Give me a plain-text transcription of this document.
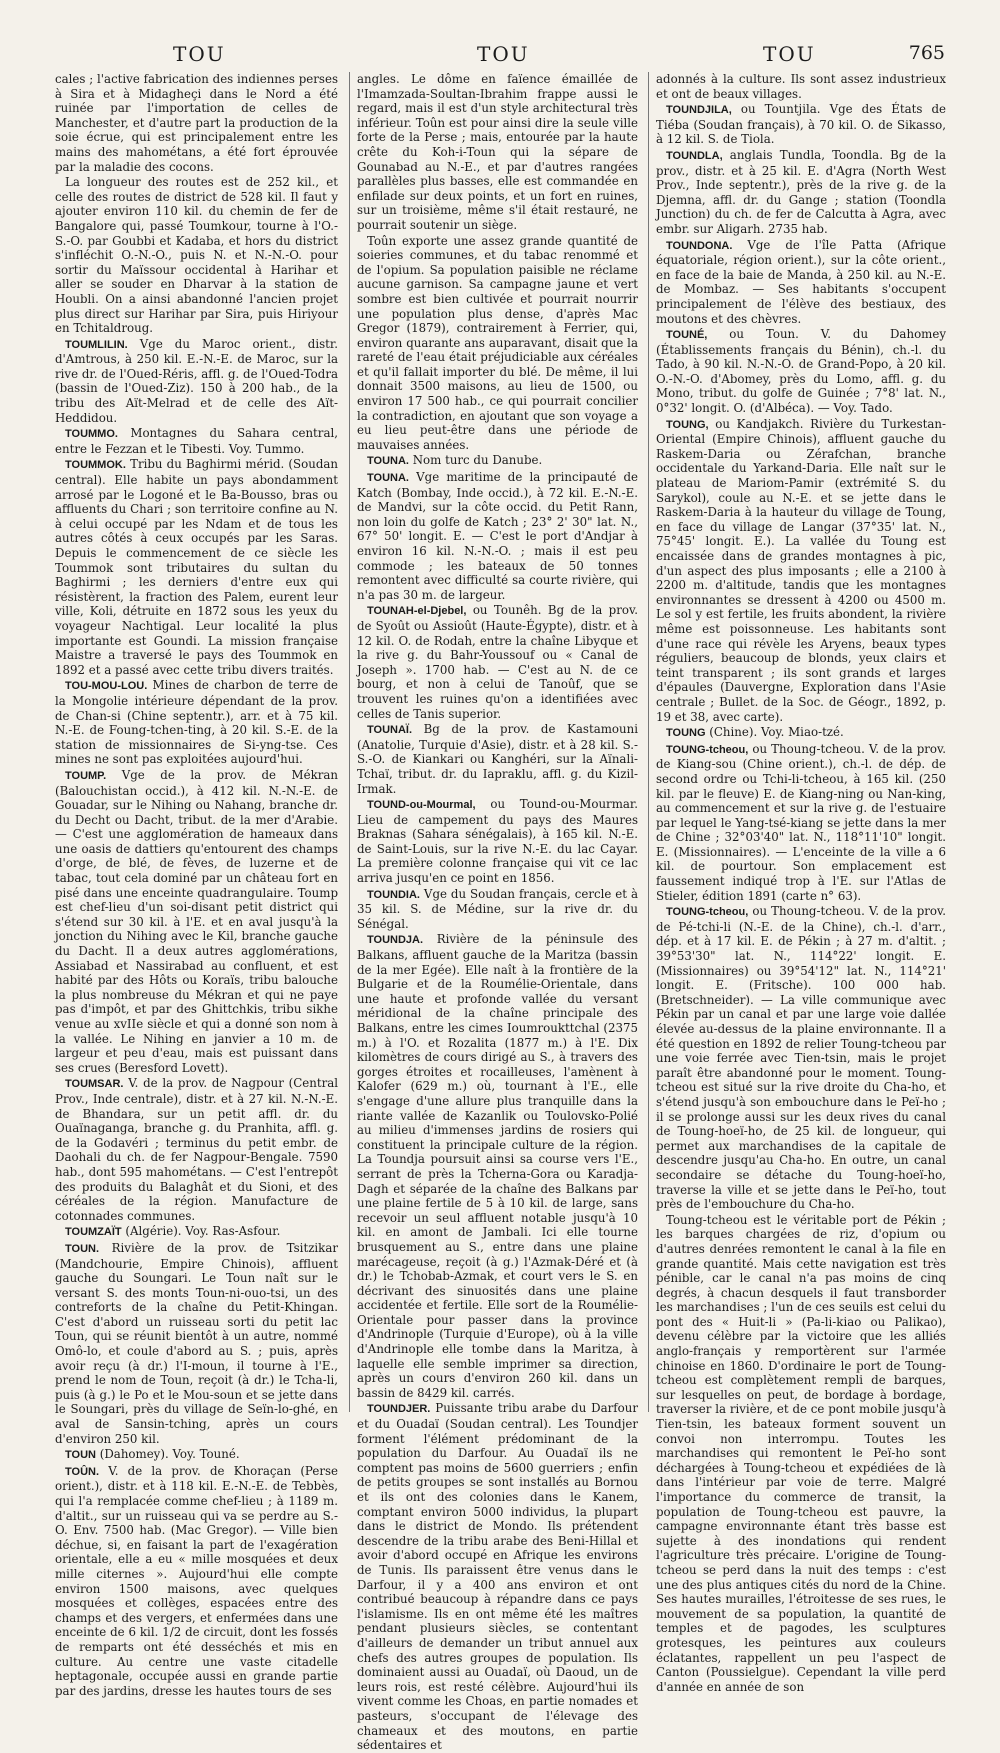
TOU	TOU	TOU	765

cales ; l'active fabrication des indiennes perses à Sira et à Midagheçi dans le Nord a été ruinée par l'importation de celles de Manchester, et d'autre part la production de la soie écrue, qui est principalement entre les mains des mahométans, a été fort éprouvée par la maladie des cocons.

La longueur des routes est de 252 kil., et celle des routes de district de 528 kil. Il faut y ajouter environ 110 kil. du chemin de fer de Bangalore qui, passé Toumkour, tourne à l'O.-S.-O. par Goubbi et Kadaba, et hors du district s'infléchit O.-N.-O., puis N. et N.-N.-O. pour sortir du Maïssour occidental à Harihar et aller se souder en Dharvar à la station de Houbli. On a ainsi abandonné l'ancien projet plus direct sur Harihar par Sira, puis Hiriyour en Tchitaldroug.

TOUMLILIN. Vge du Maroc orient., distr. d'Amtrous, à 250 kil. E.-N.-E. de Maroc, sur la rive dr. de l'Oued-Réris, affl. g. de l'Oued-Todra (bassin de l'Oued-Ziz). 150 à 200 hab., de la tribu des Aït-Melrad et de celle des Aït-Heddidou.

TOUMMO. Montagnes du Sahara central, entre le Fezzan et le Tibesti. Voy. Tummo.

TOUMMOK. Tribu du Baghirmi mérid. (Soudan central). Elle habite un pays abondamment arrosé par le Logoné et le Ba-Bousso, bras ou affluents du Chari ; son territoire confine au N. à celui occupé par les Ndam et de tous les autres côtés à ceux occupés par les Saras. Depuis le commencement de ce siècle les Toummok sont tributaires du sultan du Baghirmi ; les derniers d'entre eux qui résistèrent, la fraction des Palem, eurent leur ville, Koli, détruite en 1872 sous les yeux du voyageur Nachtigal. Leur localité la plus importante est Goundi. La mission française Maistre a traversé le pays des Toummok en 1892 et a passé avec cette tribu divers traités.

TOU-MOU-LOU. Mines de charbon de terre de la Mongolie intérieure dépendant de la prov. de Chan-si (Chine septentr.), arr. et à 75 kil. N.-E. de Foung-tchen-ting, à 20 kil. S.-E. de la station de missionnaires de Si-yng-tse. Ces mines ne sont pas exploitées aujourd'hui.

TOUMP. Vge de la prov. de Mékran (Balouchistan occid.), à 412 kil. N.-N.-E. de Gouadar, sur le Nihing ou Nahang, branche dr. du Decht ou Dacht, tribut. de la mer d'Arabie. — C'est une agglomération de hameaux dans une oasis de dattiers qu'entourent des champs d'orge, de blé, de fèves, de luzerne et de tabac, tout cela dominé par un château fort en pisé dans une enceinte quadrangulaire. Toump est chef-lieu d'un soi-disant petit district qui s'étend sur 30 kil. à l'E. et en aval jusqu'à la jonction du Nihing avec le Kil, branche gauche du Dacht. Il a deux autres agglomérations, Assiabad et Nassirabad au confluent, et est habité par des Hôts ou Koraïs, tribu balouche la plus nombreuse du Mékran et qui ne paye pas d'impôt, et par des Ghittchkis, tribu sikhe venue au xvIIe siècle et qui a donné son nom à la vallée. Le Nihing en janvier a 10 m. de largeur et peu d'eau, mais est puissant dans ses crues (Beresford Lovett).

TOUMSAR. V. de la prov. de Nagpour (Central Prov., Inde centrale), distr. et à 27 kil. N.-N.-E. de Bhandara, sur un petit affl. dr. du Ouaïnaganga, branche g. du Pranhita, affl. g. de la Godavéri ; terminus du petit embr. de Daohali du ch. de fer Nagpour-Bengale. 7590 hab., dont 595 mahométans. — C'est l'entrepôt des produits du Balaghât et du Sioni, et des céréales de la région. Manufacture de cotonnades communes.

TOUMZAÏT (Algérie). Voy. Ras-Asfour.

TOUN. Rivière de la prov. de Tsitzikar (Mandchourie, Empire Chinois), affluent gauche du Soungari. Le Toun naît sur le versant S. des monts Toun-ni-ouo-tsi, un des contreforts de la chaîne du Petit-Khingan. C'est d'abord un ruisseau sorti du petit lac Toun, qui se réunit bientôt à un autre, nommé Omô-lo, et coule d'abord au S. ; puis, après avoir reçu (à dr.) l'I-moun, il tourne à l'E., prend le nom de Toun, reçoit (à dr.) le Tcha-li, puis (à g.) le Po et le Mou-soun et se jette dans le Soungari, près du village de Seïn-lo-ghé, en aval de Sansin-tching, après un cours d'environ 250 kil.

TOUN (Dahomey). Voy. Touné.

TOÛN. V. de la prov. de Khoraçan (Perse orient.), distr. et à 118 kil. E.-N.-E. de Tebbès, qui l'a remplacée comme chef-lieu ; à 1189 m. d'altit., sur un ruisseau qui va se perdre au S.-O. Env. 7500 hab. (Mac Gregor). — Ville bien déchue, si, en faisant la part de l'exagération orientale, elle a eu « mille mosquées et deux mille citernes ». Aujourd'hui elle compte environ 1500 maisons, avec quelques mosquées et collèges, espacées entre des champs et des vergers, et enfermées dans une enceinte de 6 kil. 1/2 de circuit, dont les fossés de remparts ont été desséchés et mis en culture. Au centre une vaste citadelle heptagonale, occupée aussi en grande partie par des jardins, dresse les hautes tours de ses

angles. Le dôme en faïence émaillée de l'Imamzada-Soultan-Ibrahim frappe aussi le regard, mais il est d'un style architectural très inférieur. Toûn est pour ainsi dire la seule ville forte de la Perse ; mais, entourée par la haute crête du Koh-i-Toun qui la sépare de Gounabad au N.-E., et par d'autres rangées parallèles plus basses, elle est commandée en enfilade sur deux points, et un fort en ruines, sur un troisième, même s'il était restauré, ne pourrait soutenir un siège.

Toûn exporte une assez grande quantité de soieries communes, et du tabac renommé et de l'opium. Sa population paisible ne réclame aucune garnison. Sa campagne jaune et vert sombre est bien cultivée et pourrait nourrir une population plus dense, d'après Mac Gregor (1879), contrairement à Ferrier, qui, environ quarante ans auparavant, disait que la rareté de l'eau était préjudiciable aux céréales et qu'il fallait importer du blé. De même, il lui donnait 3500 maisons, au lieu de 1500, ou environ 17 500 hab., ce qui pourrait concilier la contradiction, en ajoutant que son voyage a eu lieu peut-être dans une période de mauvaises années.

TOUNA. Nom turc du Danube.

TOUNA. Vge maritime de la principauté de Katch (Bombay, Inde occid.), à 72 kil. E.-N.-E. de Mandvi, sur la côte occid. du Petit Rann, non loin du golfe de Katch ; 23° 2' 30" lat. N., 67° 50' longit. E. — C'est le port d'Andjar à environ 16 kil. N.-N.-O. ; mais il est peu commode ; les bateaux de 50 tonnes remontent avec difficulté sa courte rivière, qui n'a pas 30 m. de largeur.

TOUNAH-el-Djebel, ou Tounêh. Bg de la prov. de Syoût ou Assioût (Haute-Égypte), distr. et à 12 kil. O. de Rodah, entre la chaîne Libyque et la rive g. du Bahr-Youssouf ou « Canal de Joseph ». 1700 hab. — C'est au N. de ce bourg, et non à celui de Tanoûf, que se trouvent les ruines qu'on a identifiées avec celles de Tanis superior.

TOUNAÏ. Bg de la prov. de Kastamouni (Anatolie, Turquie d'Asie), distr. et à 28 kil. S.-S.-O. de Kiankari ou Kanghéri, sur la Aïnali-Tchaï, tribut. dr. du Iapraklu, affl. g. du Kizil-Irmak.

TOUND-ou-Mourmal, ou Tound-ou-Mourmar. Lieu de campement du pays des Maures Braknas (Sahara sénégalais), à 165 kil. N.-E. de Saint-Louis, sur la rive N.-E. du lac Cayar. La première colonne française qui vit ce lac arriva jusqu'en ce point en 1856.

TOUNDIA. Vge du Soudan français, cercle et à 35 kil. S. de Médine, sur la rive dr. du Sénégal.

TOUNDJA. Rivière de la péninsule des Balkans, affluent gauche de la Maritza (bassin de la mer Egée). Elle naît à la frontière de la Bulgarie et de la Roumélie-Orientale, dans une haute et profonde vallée du versant méridional de la chaîne principale des Balkans, entre les cimes Ioumroukttchal (2375 m.) à l'O. et Rozalita (1877 m.) à l'E. Dix kilomètres de cours dirigé au S., à travers des gorges étroites et rocailleuses, l'amènent à Kalofer (629 m.) où, tournant à l'E., elle s'engage d'une allure plus tranquille dans la riante vallée de Kazanlik ou Toulovsko-Polié au milieu d'immenses jardins de rosiers qui constituent la principale culture de la région. La Toundja poursuit ainsi sa course vers l'E., serrant de près la Tcherna-Gora ou Karadja-Dagh et séparée de la chaîne des Balkans par une plaine fertile de 5 à 10 kil. de large, sans recevoir un seul affluent notable jusqu'à 10 kil. en amont de Jambali. Ici elle tourne brusquement au S., entre dans une plaine marécageuse, reçoit (à g.) l'Azmak-Déré et (à dr.) le Tchobab-Azmak, et court vers le S. en décrivant des sinuosités dans une plaine accidentée et fertile. Elle sort de la Roumélie-Orientale pour passer dans la province d'Andrinople (Turquie d'Europe), où à la ville d'Andrinople elle tombe dans la Maritza, à laquelle elle semble imprimer sa direction, après un cours d'environ 260 kil. dans un bassin de 8429 kil. carrés.

TOUNDJER. Puissante tribu arabe du Darfour et du Ouadaï (Soudan central). Les Toundjer forment l'élément prédominant de la population du Darfour. Au Ouadaï ils ne comptent pas moins de 5600 guerriers ; enfin de petits groupes se sont installés au Bornou et ils ont des colonies dans le Kanem, comptant environ 5000 individus, la plupart dans le district de Mondo. Ils prétendent descendre de la tribu arabe des Beni-Hillal et avoir d'abord occupé en Afrique les environs de Tunis. Ils paraissent être venus dans le Darfour, il y a 400 ans environ et ont contribué beaucoup à répandre dans ce pays l'islamisme. Ils en ont même été les maîtres pendant plusieurs siècles, se contentant d'ailleurs de demander un tribut annuel aux chefs des autres groupes de population. Ils dominaient aussi au Ouadaï, où Daoud, un de leurs rois, est resté célèbre. Aujourd'hui ils vivent comme les Choas, en partie nomades et pasteurs, s'occupant de l'élevage des chameaux et des moutons, en partie sédentaires et

adonnés à la culture. Ils sont assez industrieux et ont de beaux villages.

TOUNDJILA, ou Tountjila. Vge des États de Tiéba (Soudan français), à 70 kil. O. de Sikasso, à 12 kil. S. de Tiola.

TOUNDLA, anglais Tundla, Toondla. Bg de la prov., distr. et à 25 kil. E. d'Agra (North West Prov., Inde septentr.), près de la rive g. de la Djemna, affl. dr. du Gange ; station (Toondla Junction) du ch. de fer de Calcutta à Agra, avec embr. sur Aligarh. 2735 hab.

TOUNDONA. Vge de l'île Patta (Afrique équatoriale, région orient.), sur la côte orient., en face de la baie de Manda, à 250 kil. au N.-E. de Mombaz. — Ses habitants s'occupent principalement de l'élève des bestiaux, des moutons et des chèvres.

TOUNÉ, ou Toun. V. du Dahomey (Établissements français du Bénin), ch.-l. du Tado, à 90 kil. N.-N.-O. de Grand-Popo, à 20 kil. O.-N.-O. d'Abomey, près du Lomo, affl. g. du Mono, tribut. du golfe de Guinée ; 7°8' lat. N., 0°32' longit. O. (d'Albéca). — Voy. Tado.

TOUNG, ou Kandjakch. Rivière du Turkestan-Oriental (Empire Chinois), affluent gauche du Raskem-Daria ou Zérafchan, branche occidentale du Yarkand-Daria. Elle naît sur le plateau de Mariom-Pamir (extrémité S. du Sarykol), coule au N.-E. et se jette dans le Raskem-Daria à la hauteur du village de Toung, en face du village de Langar (37°35' lat. N., 75°45' longit. E.). La vallée du Toung est encaissée dans de grandes montagnes à pic, d'un aspect des plus imposants ; elle a 2100 à 2200 m. d'altitude, tandis que les montagnes environnantes se dressent à 4200 ou 4500 m. Le sol y est fertile, les fruits abondent, la rivière même est poissonneuse. Les habitants sont d'une race qui révèle les Aryens, beaux types réguliers, beaucoup de blonds, yeux clairs et teint transparent ; ils sont grands et larges d'épaules (Dauvergne, Exploration dans l'Asie centrale ; Bullet. de la Soc. de Géogr., 1892, p. 19 et 38, avec carte).

TOUNG (Chine). Voy. Miao-tzé.

TOUNG-tcheou, ou Thoung-tcheou. V. de la prov. de Kiang-sou (Chine orient.), ch.-l. de dép. de second ordre ou Tchi-li-tcheou, à 165 kil. (250 kil. par le fleuve) E. de Kiang-ning ou Nan-king, au commencement et sur la rive g. de l'estuaire par lequel le Yang-tsé-kiang se jette dans la mer de Chine ; 32°03'40" lat. N., 118°11'10" longit. E. (Missionnaires). — L'enceinte de la ville a 6 kil. de pourtour. Son emplacement est faussement indiqué trop à l'E. sur l'Atlas de Stieler, édition 1891 (carte n° 63).

TOUNG-tcheou, ou Thoung-tcheou. V. de la prov. de Pé-tchi-li (N.-E. de la Chine), ch.-l. d'arr., dép. et à 17 kil. E. de Pékin ; à 27 m. d'altit. ; 39°53'30" lat. N., 114°22' longit. E. (Missionnaires) ou 39°54'12" lat. N., 114°21' longit. E. (Fritsche). 100 000 hab. (Bretschneider). — La ville communique avec Pékin par un canal et par une large voie dallée élevée au-dessus de la plaine environnante. Il a été question en 1892 de relier Toung-tcheou par une voie ferrée avec Tien-tsin, mais le projet paraît être abandonné pour le moment. Toung-tcheou est situé sur la rive droite du Cha-ho, et s'étend jusqu'à son embouchure dans le Peï-ho ; il se prolonge aussi sur les deux rives du canal de Toung-hoeï-ho, de 25 kil. de longueur, qui permet aux marchandises de la capitale de descendre jusqu'au Cha-ho. En outre, un canal secondaire se détache du Toung-hoeï-ho, traverse la ville et se jette dans le Peï-ho, tout près de l'embouchure du Cha-ho.

Toung-tcheou est le véritable port de Pékin ; les barques chargées de riz, d'opium ou d'autres denrées remontent le canal à la file en grande quantité. Mais cette navigation est très pénible, car le canal n'a pas moins de cinq degrés, à chacun desquels il faut transborder les marchandises ; l'un de ces seuils est celui du pont des « Huit-li » (Pa-li-kiao ou Palikao), devenu célèbre par la victoire que les alliés anglo-français y remportèrent sur l'armée chinoise en 1860. D'ordinaire le port de Toung-tcheou est complètement rempli de barques, sur lesquelles on peut, de bordage à bordage, traverser la rivière, et de ce pont mobile jusqu'à Tien-tsin, les bateaux forment souvent un convoi non interrompu. Toutes les marchandises qui remontent le Peï-ho sont déchargées à Toung-tcheou et expédiées de là dans l'intérieur par voie de terre. Malgré l'importance du commerce de transit, la population de Toung-tcheou est pauvre, la campagne environnante étant très basse est sujette à des inondations qui rendent l'agriculture très précaire. L'origine de Toung-tcheou se perd dans la nuit des temps : c'est une des plus antiques cités du nord de la Chine. Ses hautes murailles, l'étroitesse de ses rues, le mouvement de sa population, la quantité de temples et de pagodes, les sculptures grotesques, les peintures aux couleurs éclatantes, rappellent un peu l'aspect de Canton (Poussielgue). Cependant la ville perd d'année en année de son
